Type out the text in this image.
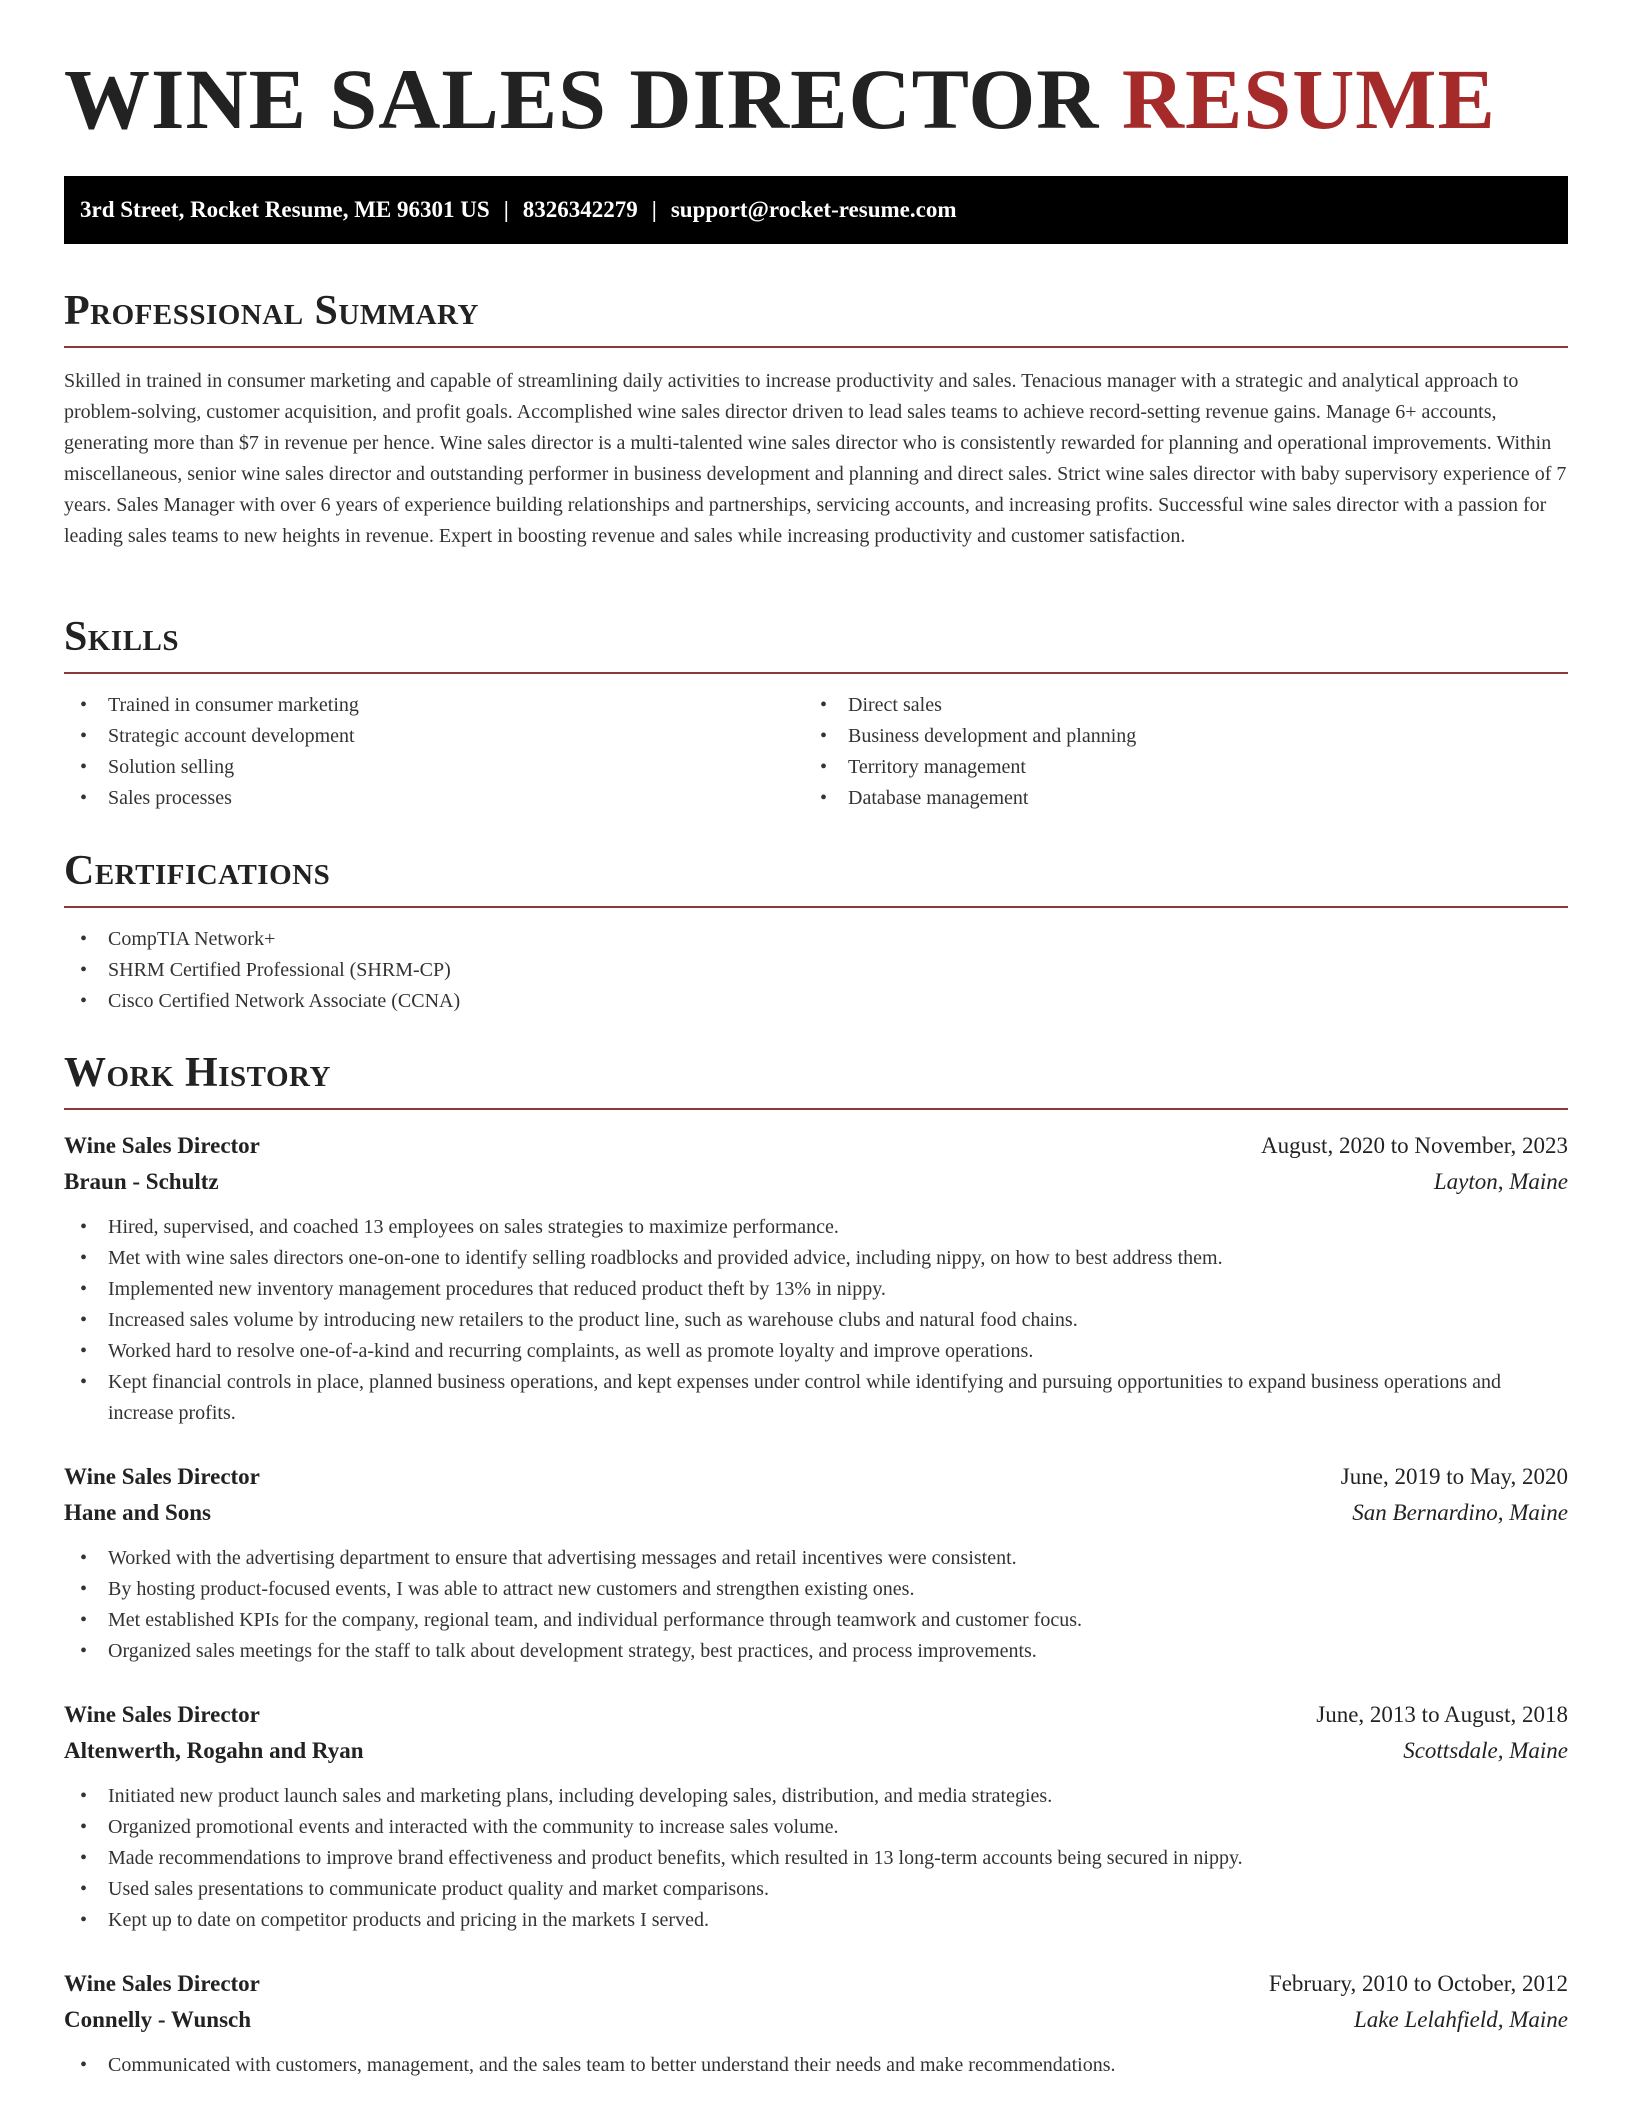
WINE SALES DIRECTOR RESUME
3rd Street, Rocket Resume, ME 96301 US | 8326342279 | support@rocket-resume.com
Professional Summary

Skilled in trained in consumer marketing and capable of streamlining daily activities to increase productivity and sales. Tenacious manager with a strategic and analytical approach to problem-solving, customer acquisition, and profit goals. Accomplished wine sales director driven to lead sales teams to achieve record-setting revenue gains. Manage 6+ accounts, generating more than $7 in revenue per hence. Wine sales director is a multi-talented wine sales director who is consistently rewarded for planning and operational improvements. Within miscellaneous, senior wine sales director and outstanding performer in business development and planning and direct sales. Strict wine sales director with baby supervisory experience of 7 years. Sales Manager with over 6 years of experience building relationships and partnerships, servicing accounts, and increasing profits. Successful wine sales director with a passion for leading sales teams to new heights in revenue. Expert in boosting revenue and sales while increasing productivity and customer satisfaction.

Skills
• Trained in consumer marketing
• Strategic account development
• Solution selling
• Sales processes
• Direct sales
• Business development and planning
• Territory management
• Database management
Certifications
• CompTIA Network+
• SHRM Certified Professional (SHRM-CP)
• Cisco Certified Network Associate (CCNA)
Work History
Wine Sales Director	August, 2020 to November, 2023
Braun - Schultz	Layton, Maine
• Hired, supervised, and coached 13 employees on sales strategies to maximize performance.
• Met with wine sales directors one-on-one to identify selling roadblocks and provided advice, including nippy, on how to best address them.
• Implemented new inventory management procedures that reduced product theft by 13% in nippy.
• Increased sales volume by introducing new retailers to the product line, such as warehouse clubs and natural food chains.
• Worked hard to resolve one-of-a-kind and recurring complaints, as well as promote loyalty and improve operations.
• Kept financial controls in place, planned business operations, and kept expenses under control while identifying and pursuing opportunities to expand business operations and increase profits.
Wine Sales Director	June, 2019 to May, 2020
Hane and Sons	San Bernardino, Maine
• Worked with the advertising department to ensure that advertising messages and retail incentives were consistent.
• By hosting product-focused events, I was able to attract new customers and strengthen existing ones.
• Met established KPIs for the company, regional team, and individual performance through teamwork and customer focus.
• Organized sales meetings for the staff to talk about development strategy, best practices, and process improvements.
Wine Sales Director	June, 2013 to August, 2018
Altenwerth, Rogahn and Ryan	Scottsdale, Maine
• Initiated new product launch sales and marketing plans, including developing sales, distribution, and media strategies.
• Organized promotional events and interacted with the community to increase sales volume.
• Made recommendations to improve brand effectiveness and product benefits, which resulted in 13 long-term accounts being secured in nippy.
• Used sales presentations to communicate product quality and market comparisons.
• Kept up to date on competitor products and pricing in the markets I served.
Wine Sales Director	February, 2010 to October, 2012
Connelly - Wunsch	Lake Lelahfield, Maine
• Communicated with customers, management, and the sales team to better understand their needs and make recommendations.
